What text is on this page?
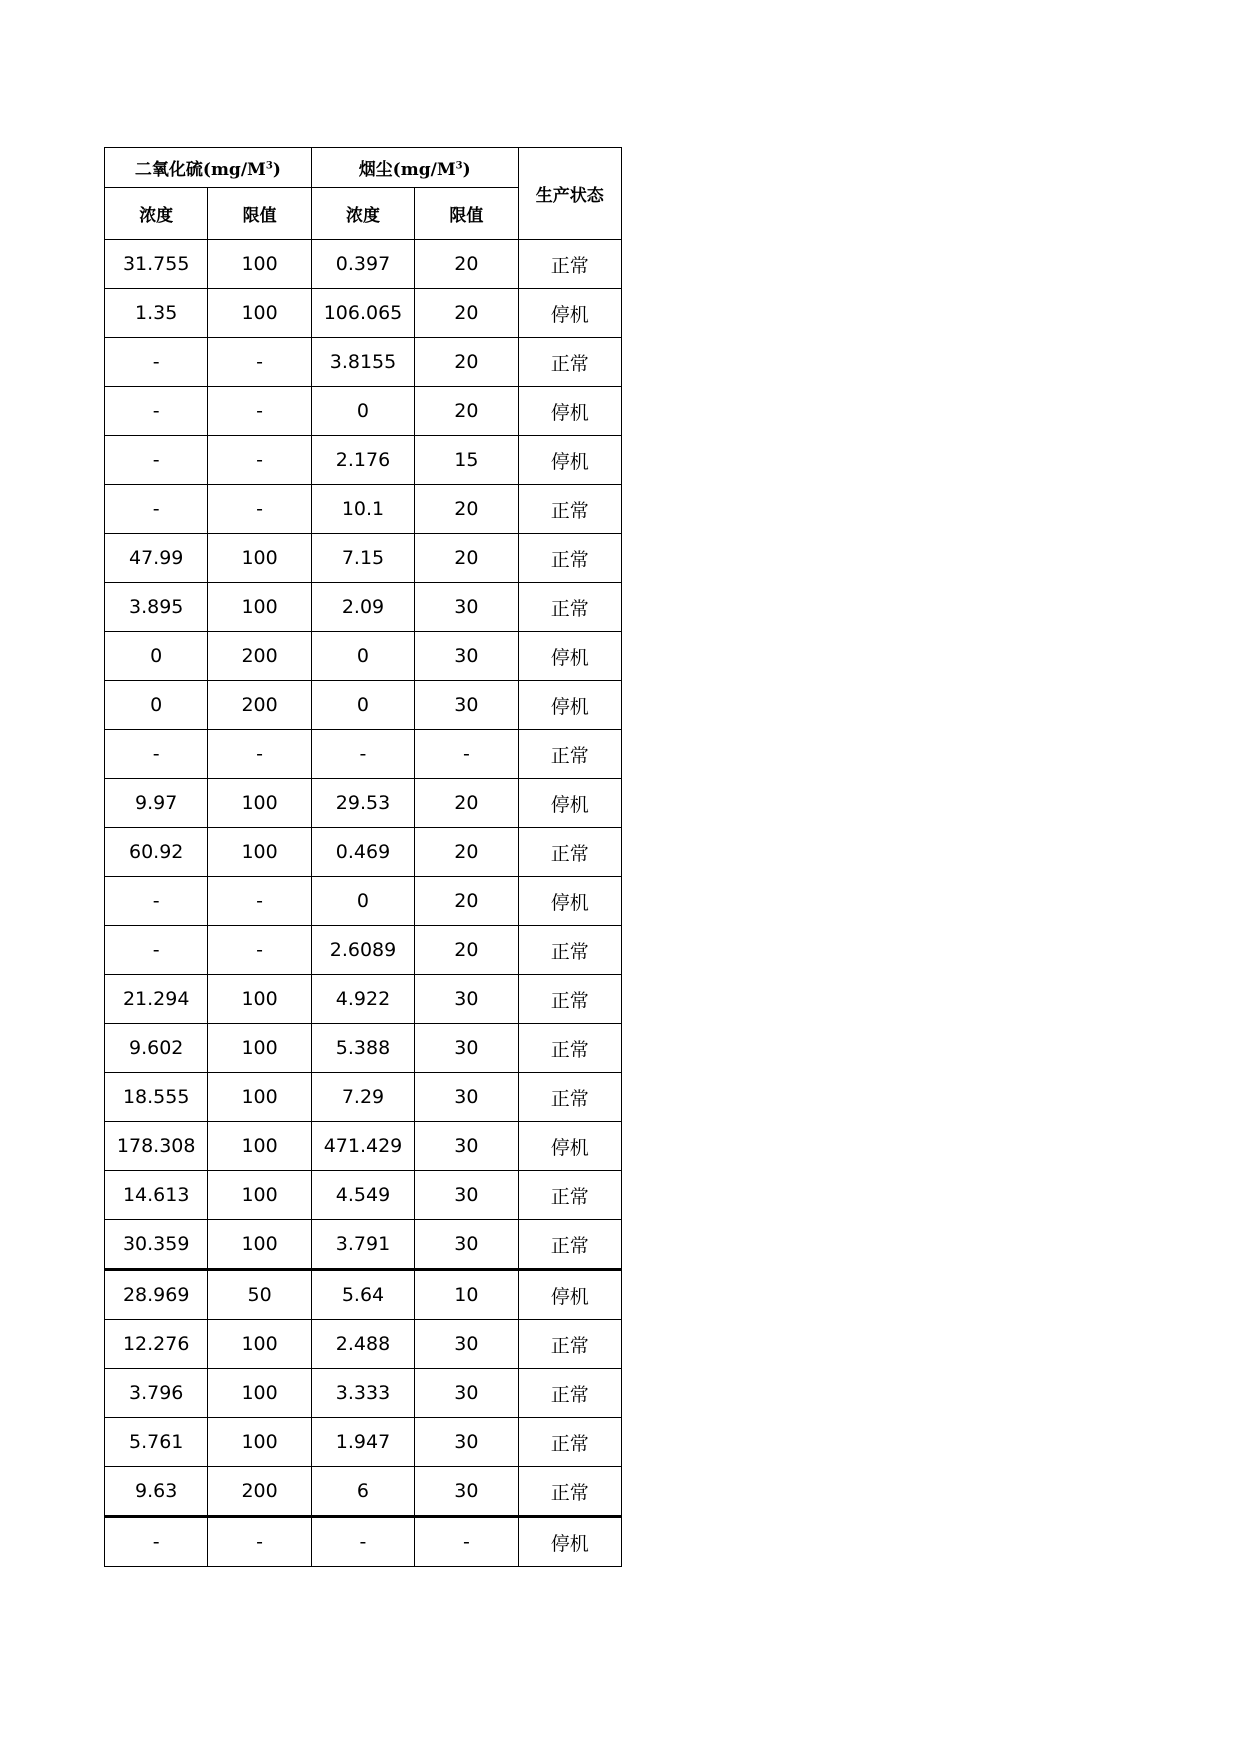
二氧化硫$(mg/M^3)$		烟尘$(mg/M^3)$		生产状态
浓度	限值	浓度	限值	
31.755	100	0.397	20	正常
1.35	100	106.065	20	停机
-	-	3.8155	20	正常
-	-	0	20	停机
-	-	2.176	15	停机
-	-	10.1	20	正常
47.99	100	7.15	20	正常
3.895	100	2.09	30	正常
0	200	0	30	停机
0	200	0	30	停机
-	-	-	-	正常
9.97	100	29.53	20	停机
60.92	100	0.469	20	正常
-	-	0	20	停机
-	-	2.6089	20	正常
21.294	100	4.922	30	正常
9.602	100	5.388	30	正常
18.555	100	7.29	30	正常
178.308	100	471.429	30	停机
14.613	100	4.549	30	正常
30.359	100	3.791	30	正常
28.969	50	5.64	10	停机
12.276	100	2.488	30	正常
3.796	100	3.333	30	正常
5.761	100	1.947	30	正常
9.63	200	6	30	正常
-	-	-	-	停机
